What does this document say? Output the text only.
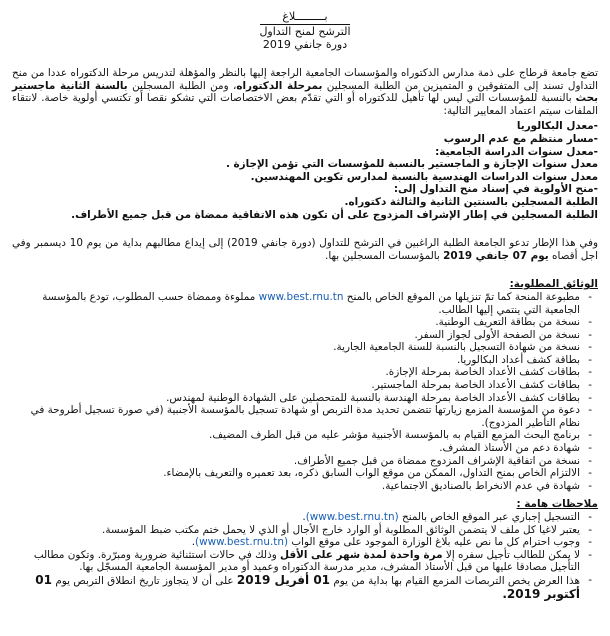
بـــــــــلاغ
الترشح لمنح التداول
دورة جانفي 2019

تضع جامعة قرطاج على ذمة مدارس الدكتوراه والمؤسسات الجامعية الراجعة إليها بالنظر والمؤهلة لتدريس مرحلة الدكتوراه عددا من منح التداول تسند إلى المتفوقين و المتميزين من الطلبة المسجلين بمرحلة الدكتوراه، ومن الطلبة المسجلين بالسنة الثانية ماجستير بحث بالنسبة للمؤسسات التي ليس لها تأهيل للدكتوراه أو التي تقدّم بعض الاختصاصات التي تشكو نقصا أو تكتسي أولوية خاصة. لانتقاء الملفات سيتم اعتماد المعايير التالية:

-معدل البكالوريا
-مسار منتظم مع عدم الرسوب
-معدل سنوات الدراسة الجامعية:
معدل سنوات الإجازة و الماجستير بالنسبة للمؤسسات التي تؤمن الإجازة .
معدل سنوات الدراسات الهندسية بالنسبة لمدارس تكوين المهندسين.
-منح الأولوية في إسناد منح التداول إلى:
الطلبة المسجلين بالسنتين الثانية والثالثة دكتوراه.
الطلبة المسجلين في إطار الإشراف المزدوج على أن تكون هذه الاتفاقية ممضاة من قبل جميع الأطراف.

وفي هذا الإطار تدعو الجامعة الطلبة الراغبين في الترشح للتداول (دورة جانفي 2019) إلى إيداع مطالبهم بداية من يوم 10 ديسمبر وفي اجل أقصاه يوم 07 جانفي 2019 بالمؤسسات المسجلين بها.

الوثائق المطلوبة:
- مطبوعة المنحة كما تمّ تنزيلها من الموقع الخاص بالمنح www.best.rnu.tn مملوءة وممضاة حسب المطلوب، تودع بالمؤسسة الجامعية التي ينتمي إليها الطالب.
- نسخة من بطاقة التعريف الوطنية.
- نسخة من الصفحة الأولى لجواز السفر.
- نسخة من شهادة التسجيل بالنسبة للسنة الجامعية الجارية.
- بطاقة كشف أعداد البكالوريا.
- بطاقات كشف الأعداد الخاصة بمرحلة الإجازة.
- بطاقات كشف الأعداد الخاصة بمرحلة الماجستير.
- بطاقات كشف الأعداد الخاصة بمرحلة الهندسة بالنسبة للمتحصلين على الشهادة الوطنية لمهندس.
- دعوة من المؤسسة المزمع زيارتها تتضمن تحديد مدة التربص أو شهادة تسجيل بالمؤسسة الأجنبية (في صورة تسجيل أطروحة في نظام التأطير المزدوج).
- برنامج البحث المزمع القيام به بالمؤسسة الأجنبية مؤشر عليه من قبل الطرف المضيف.
- شهادة دعم من الأستاذ المشرف.
- نسخة من اتفاقية الإشراف المزدوج ممضاة من قبل جميع الأطراف.
- الالتزام الخاص بمنح التداول، الممكن من موقع الواب السابق ذكره، بعد تعميره والتعريف بالإمضاء.
- شهادة في عدم الانخراط بالصناديق الاجتماعية.
ملاحظات هامة :
- التسجيل إجباري عبر الموقع الخاص بالمنح (www.best.rnu.tn).
- يعتبر لاغيا كل ملف لا يتضمن الوثائق المطلوبة أو الوارد خارج الأجال أو الذي لا يحمل ختم مكتب ضبط المؤسسة.
- وجوب احترام كل ما نص عليه بلاغ الوزارة الموجود على موقع الواب (www.best.rnu.tn).
- لا يمكن للطالب تأجيل سفره إلا مرة واحدة لمدة شهر على الأقل وذلك في حالات استثنائية ضرورية ومبرّرة. وتكون مطالب التأجيل مصادقا عليها من قبل الأستاذ المشرف، مدير مدرسة الدكتوراه وعميد أو مدير المؤسسة الجامعية المسجّل بها.
- هذا العرض يخص التربصات المزمع القيام بها بداية من يوم 01 أفريل 2019 على أن لا يتجاوز تاريخ انطلاق التربص يوم 01 أكتوبر 2019.
